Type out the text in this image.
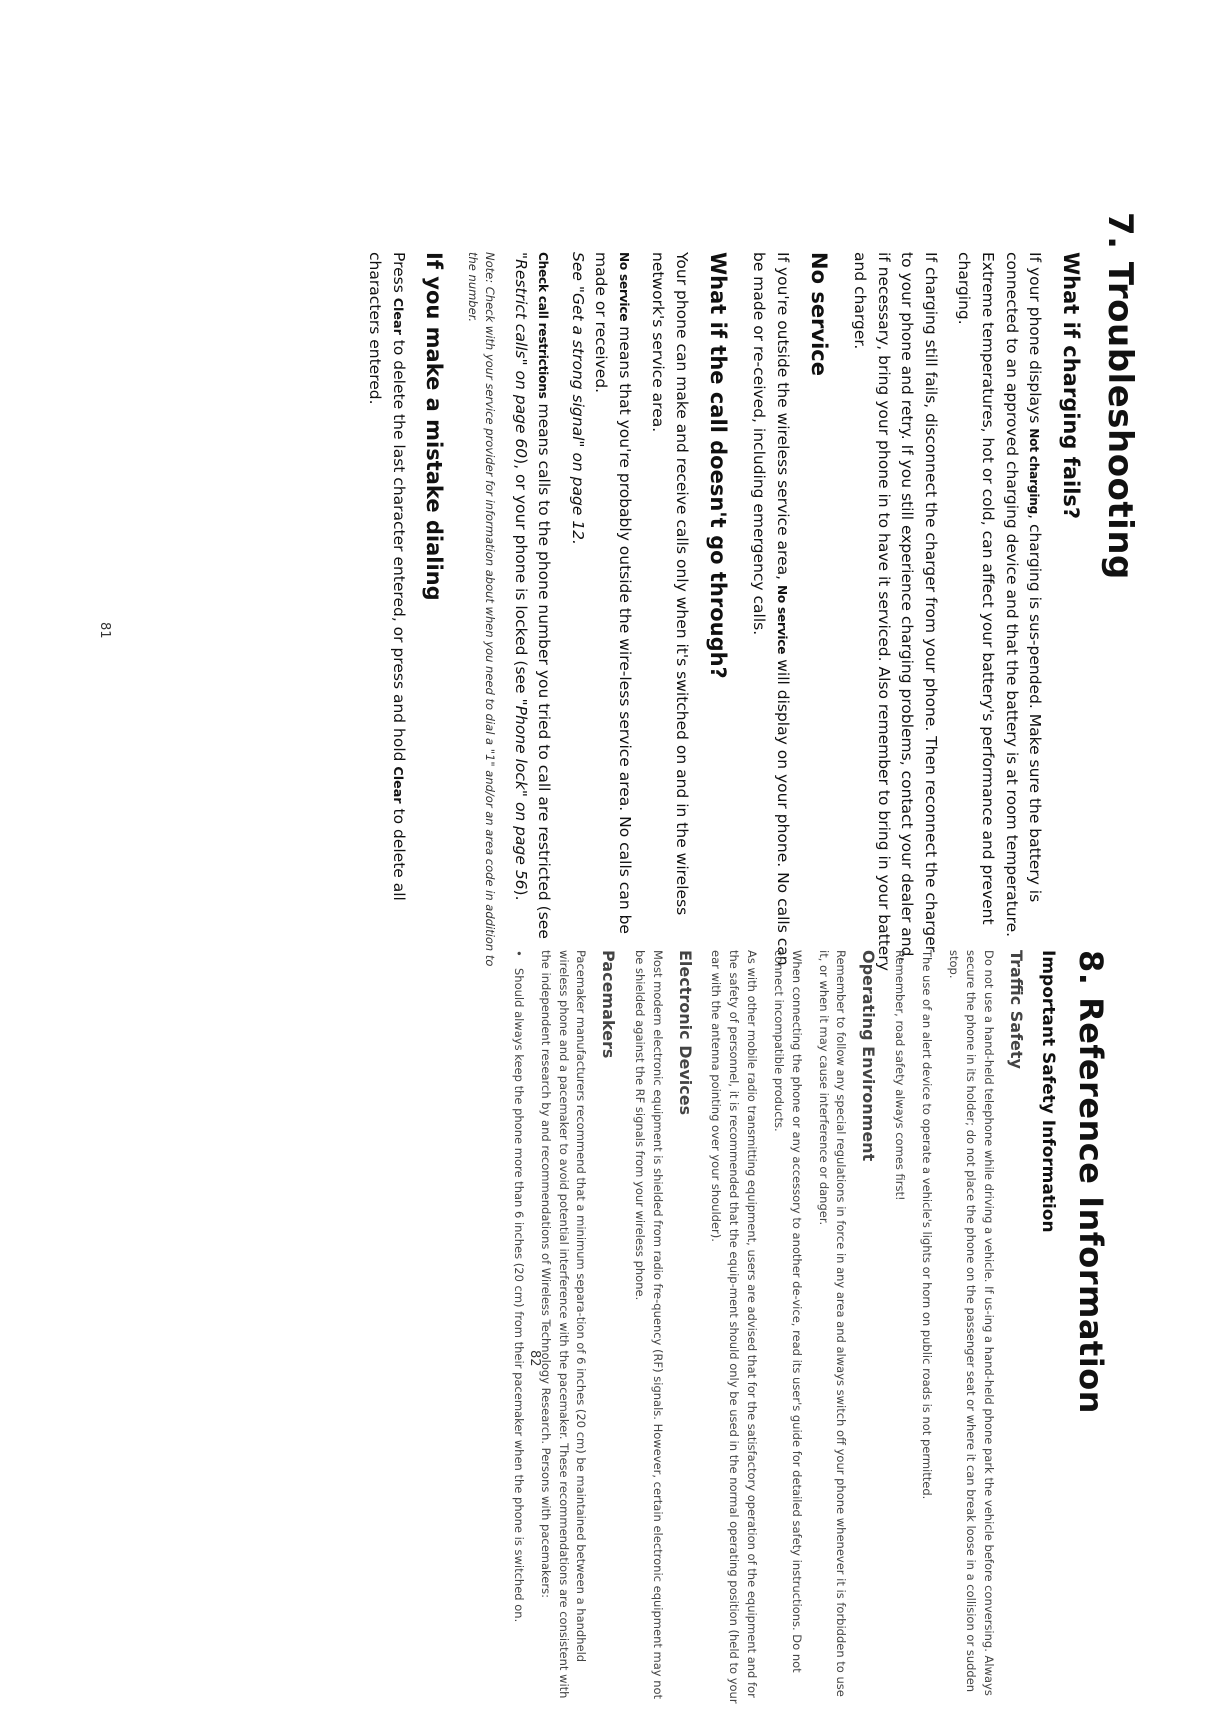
7. Troubleshooting
What if charging fails?

If your phone displays Not charging, charging is sus-pended. Make sure the battery is connected to an approved charging device and that the battery is at room temperature. Extreme temperatures, hot or cold, can affect your battery's performance and prevent charging.

If charging still fails, disconnect the charger from your phone. Then reconnect the charger to your phone and retry. If you still experience charging problems, contact your dealer and, if necessary, bring your phone in to have it serviced. Also remember to bring in your battery and charger.

No service

If you're outside the wireless service area, No service will display on your phone. No calls can be made or re-ceived, including emergency calls.

What if the call doesn't go through?

Your phone can make and receive calls only when it's switched on and in the wireless network's service area.

No service means that you're probably outside the wire-less service area. No calls can be made or received.
See "Get a strong signal" on page 12.

Check call restrictions means calls to the phone number you tried to call are restricted (see "Restrict calls" on page 60), or your phone is locked (see "Phone lock" on page 56).

Note: Check with your service provider for information about when you need to dial a "1" and/or an area code in addition to the number.

If you make a mistake dialing

Press Clear to delete the last character entered, or press and hold Clear to delete all characters entered.

81
8. Reference Information
Important Safety Information
Traffic Safety

Do not use a hand-held telephone while driving a vehicle. If us-ing a hand-held phone park the vehicle before conversing. Always secure the phone in its holder; do not place the phone on the passenger seat or where it can break loose in a collision or sudden stop.

The use of an alert device to operate a vehicle's lights or horn on public roads is not permitted.

Remember, road safety always comes first!

Operating Environment

Remember to follow any special regulations in force in any area and always switch off your phone whenever it is forbidden to use it, or when it may cause interference or danger.

When connecting the phone or any accessory to another de-vice, read its user's guide for detailed safety instructions. Do not connect incompatible products.

As with other mobile radio transmitting equipment, users are advised that for the satisfactory operation of the equipment and for the safety of personnel, it is recommended that the equip-ment should only be used in the normal operating position (held to your ear with the antenna pointing over your shoulder).

Electronic Devices

Most modern electronic equipment is shielded from radio fre-quency (RF) signals. However, certain electronic equipment may not be shielded against the RF signals from your wireless phone.

Pacemakers

Pacemaker manufacturers recommend that a minimum separa-tion of 6 inches (20 cm) be maintained between a handheld wireless phone and a pacemaker to avoid potential interference with the pacemaker. These recommendations are consistent with the independent research by and recommendations of Wireless Technology Research. Persons with pacemakers:

• Should always keep the phone more than 6 inches (20 cm) from their pacemaker when the phone is switched on. 82
